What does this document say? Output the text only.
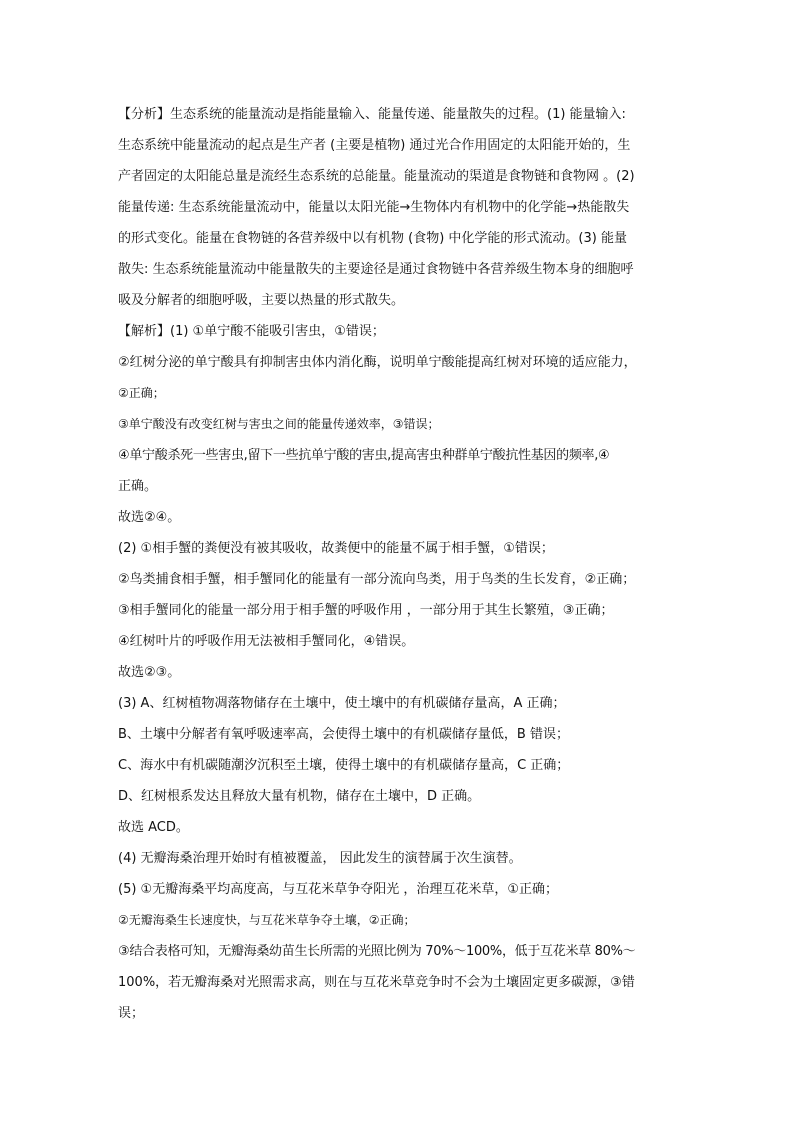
【分析】生态系统的能量流动是指能量输入、能量传递、能量散失的过程。(1) 能量输入:
生态系统中能量流动的起点是生产者 (主要是植物) 通过光合作用固定的太阳能开始的，生
产者固定的太阳能总量是流经生态系统的总能量。能量流动的渠道是食物链和食物网 。(2)
能量传递: 生态系统能量流动中，能量以太阳光能→生物体内有机物中的化学能→热能散失
的形式变化。能量在食物链的各营养级中以有机物 (食物) 中化学能的形式流动。(3) 能量
散失: 生态系统能量流动中能量散失的主要途径是通过食物链中各营养级生物本身的细胞呼
吸及分解者的细胞呼吸，主要以热量的形式散失。
【解析】(1) ①单宁酸不能吸引害虫，①错误；
②红树分泌的单宁酸具有抑制害虫体内消化酶，说明单宁酸能提高红树对环境的适应能力，
②正确；
③单宁酸没有改变红树与害虫之间的能量传递效率，③错误；
④单宁酸杀死一些害虫,留下一些抗单宁酸的害虫,提高害虫种群单宁酸抗性基因的频率,④
正确。
故选②④。
(2) ①相手蟹的粪便没有被其吸收，故粪便中的能量不属于相手蟹，①错误；
②鸟类捕食相手蟹，相手蟹同化的能量有一部分流向鸟类，用于鸟类的生长发育，②正确；
③相手蟹同化的能量一部分用于相手蟹的呼吸作用 ，一部分用于其生长繁殖，③正确；
④红树叶片的呼吸作用无法被相手蟹同化，④错误。
故选②③。
(3) A、红树植物凋落物储存在土壤中，使土壤中的有机碳储存量高，A 正确；
B、土壤中分解者有氧呼吸速率高，会使得土壤中的有机碳储存量低，B 错误；
C、海水中有机碳随潮汐沉积至土壤，使得土壤中的有机碳储存量高，C 正确；
D、红树根系发达且释放大量有机物，储存在土壤中，D 正确。
故选 ACD。
(4) 无瓣海桑治理开始时有植被覆盖， 因此发生的演替属于次生演替。
(5) ①无瓣海桑平均高度高，与互花米草争夺阳光 ，治理互花米草，①正确；
②无瓣海桑生长速度快，与互花米草争夺土壤，②正确；
③结合表格可知，无瓣海桑幼苗生长所需的光照比例为 70%～100%，低于互花米草 80%～
100%，若无瓣海桑对光照需求高，则在与互花米草竞争时不会为土壤固定更多碳源，③错
误；
